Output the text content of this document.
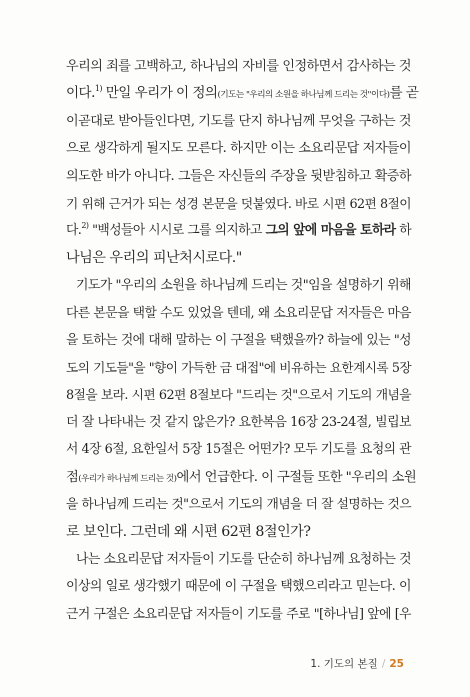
우리의 죄를 고백하고, 하나님의 자비를 인정하면서 감사하는 것
이다.$^{1)}$ 만일 우리가 이 정의(기도는 "우리의 소원을 하나님께 드리는 것"이다)를 곧
이곧대로 받아들인다면, 기도를 단지 하나님께 무엇을 구하는 것
으로 생각하게 될지도 모른다. 하지만 이는 소요리문답 저자들이
의도한 바가 아니다. 그들은 자신들의 주장을 뒷받침하고 확증하
기 위해 근거가 되는 성경 본문을 덧붙였다. 바로 시편 62편 8절이
다.$^{2)}$ "백성들아 시시로 그를 의지하고 그의 앞에 마음을 토하라 하
나님은 우리의 피난처시로다."
기도가 "우리의 소원을 하나님께 드리는 것"임을 설명하기 위해
다른 본문을 택할 수도 있었을 텐데, 왜 소요리문답 저자들은 마음
을 토하는 것에 대해 말하는 이 구절을 택했을까? 하늘에 있는 "성
도의 기도들"을 "향이 가득한 금 대접"에 비유하는 요한계시록 5장
8절을 보라. 시편 62편 8절보다 "드리는 것"으로서 기도의 개념을
더 잘 나타내는 것 같지 않은가? 요한복음 16장 23-24절, 빌립보
서 4장 6절, 요한일서 5장 15절은 어떤가? 모두 기도를 요청의 관
점(우리가 하나님께 드리는 것)에서 언급한다. 이 구절들 또한 "우리의 소원
을 하나님께 드리는 것"으로서 기도의 개념을 더 잘 설명하는 것으
로 보인다. 그런데 왜 시편 62편 8절인가?
나는 소요리문답 저자들이 기도를 단순히 하나님께 요청하는 것
이상의 일로 생각했기 때문에 이 구절을 택했으리라고 믿는다. 이
근거 구절은 소요리문답 저자들이 기도를 주로 "[하나님] 앞에 [우
1. 기도의 본질 / 25
